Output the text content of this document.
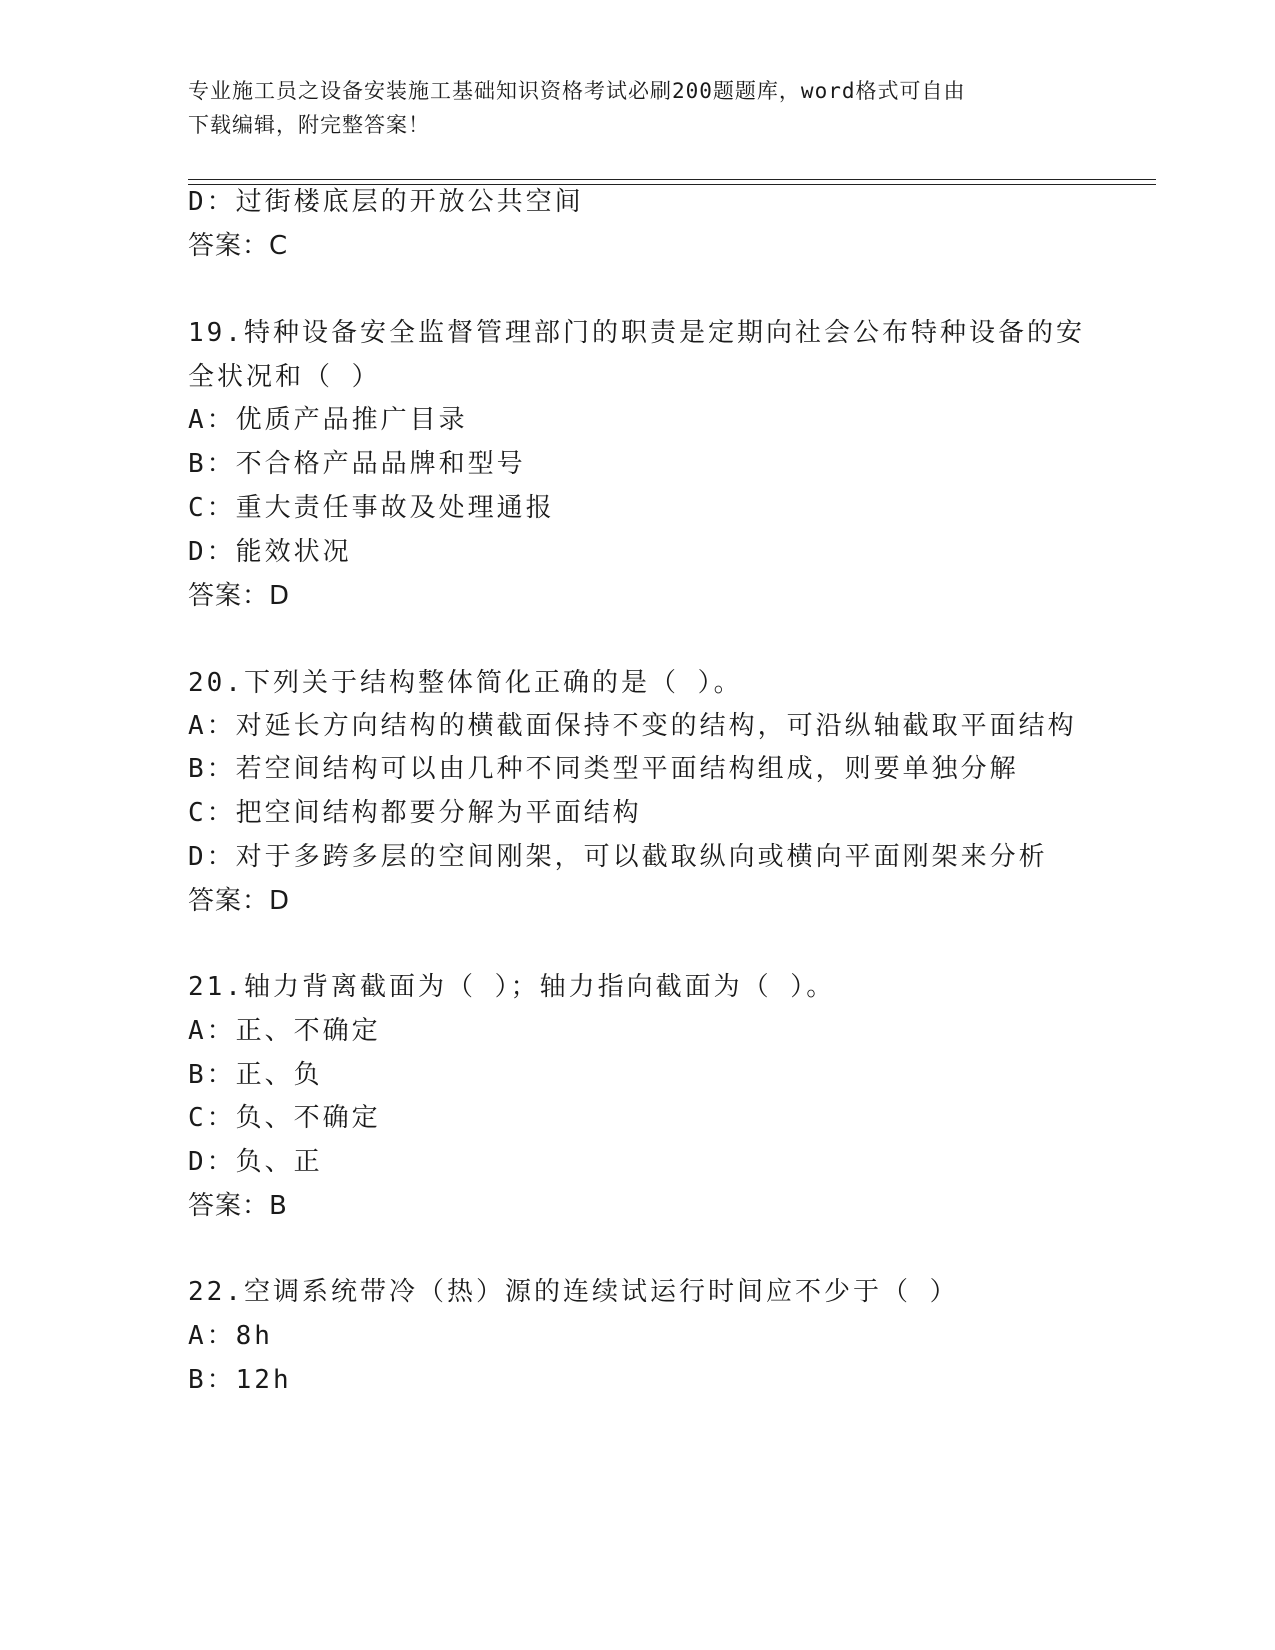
专业施工员之设备安装施工基础知识资格考试必刷200题题库，word格式可自由
下载编辑，附完整答案！
D：过街楼底层的开放公共空间
答案：C
19.特种设备安全监督管理部门的职责是定期向社会公布特种设备的安
全状况和（ ）
A：优质产品推广目录
B：不合格产品品牌和型号
C：重大责任事故及处理通报
D：能效状况
答案：D
20.下列关于结构整体简化正确的是（ ）。
A：对延长方向结构的横截面保持不变的结构，可沿纵轴截取平面结构
B：若空间结构可以由几种不同类型平面结构组成，则要单独分解
C：把空间结构都要分解为平面结构
D：对于多跨多层的空间刚架，可以截取纵向或横向平面刚架来分析
答案：D
21.轴力背离截面为（ ）；轴力指向截面为（ ）。
A：正、不确定
B：正、负
C：负、不确定
D：负、正
答案：B
22.空调系统带冷（热）源的连续试运行时间应不少于（ ）
A：8h
B：12h
